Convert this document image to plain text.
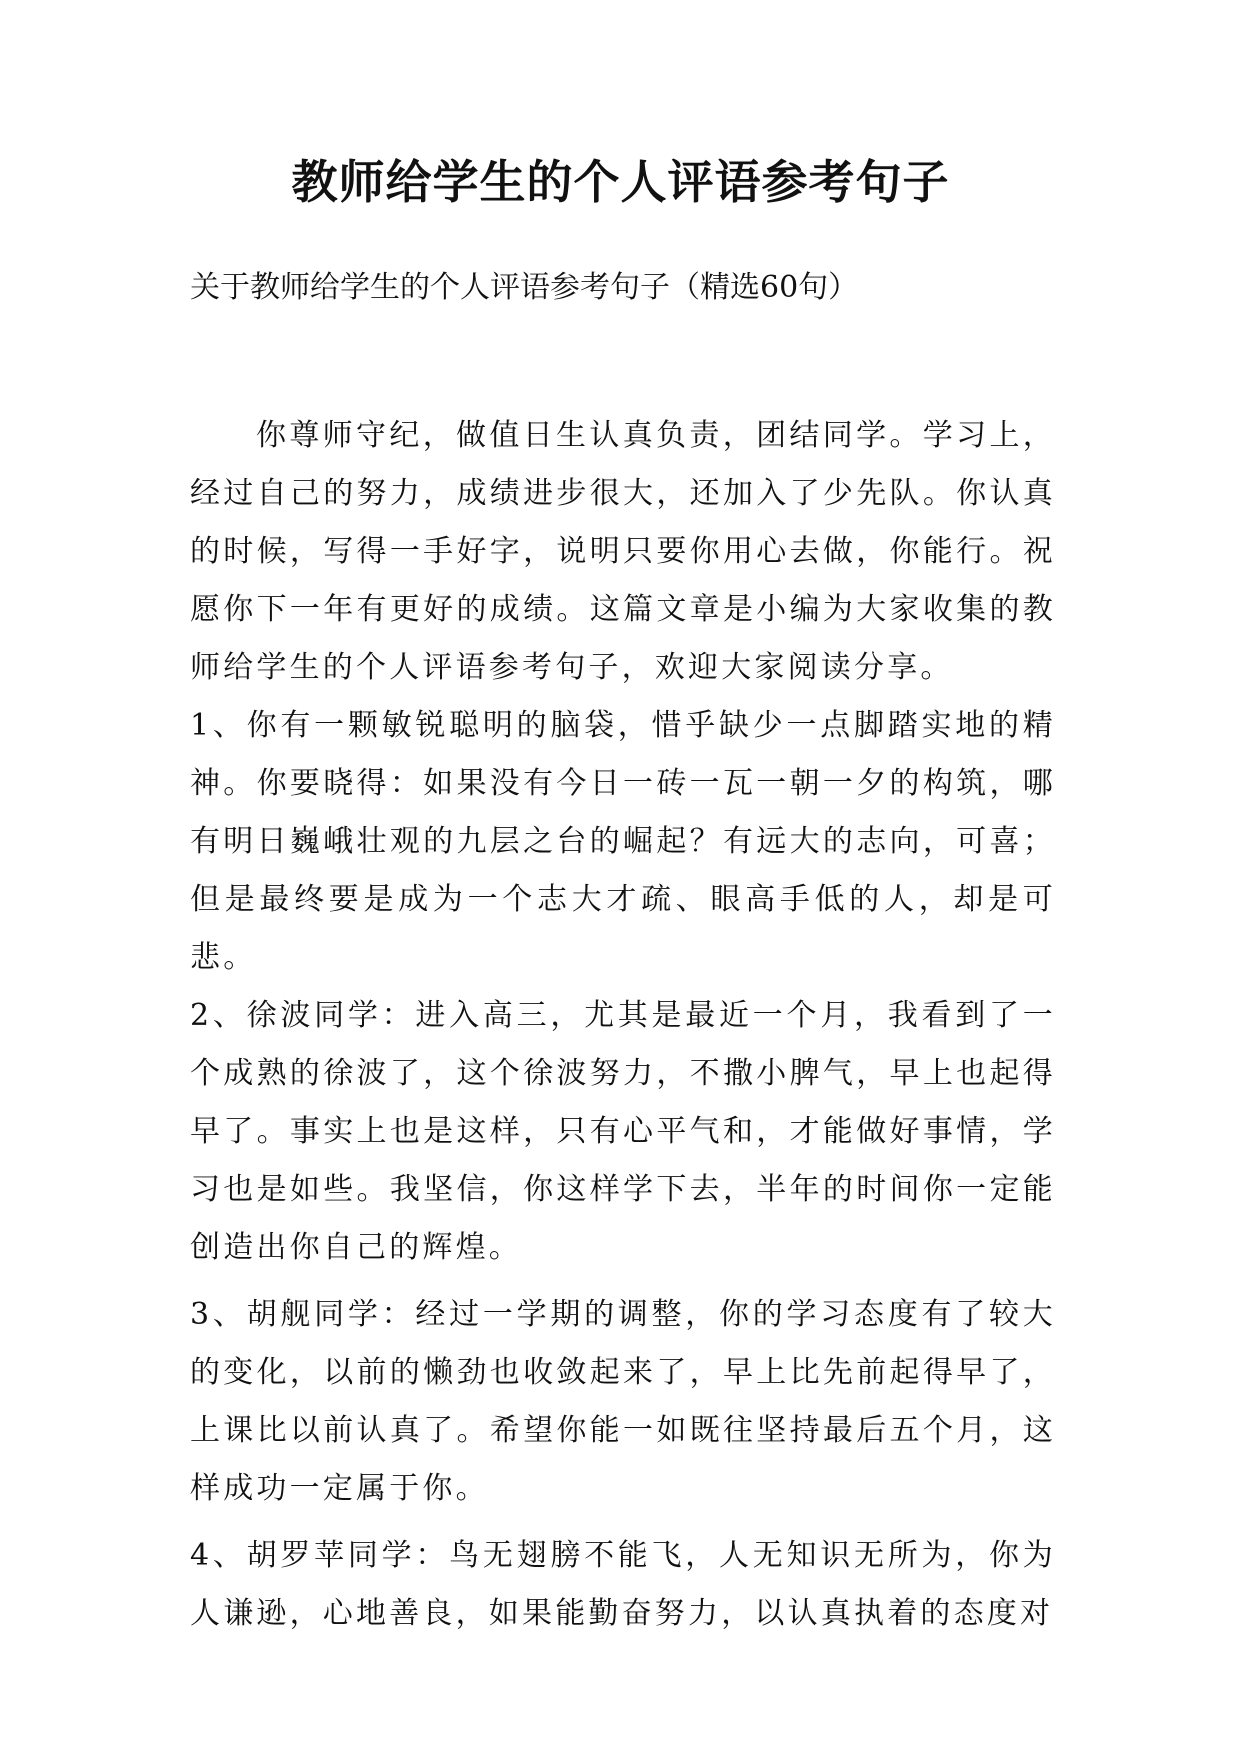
教师给学生的个人评语参考句子

关于教师给学生的个人评语参考句子（精选60句）

你尊师守纪，做值日生认真负责，团结同学。学习上，经过自己的努力，成绩进步很大，还加入了少先队。你认真的时候，写得一手好字，说明只要你用心去做，你能行。祝愿你下一年有更好的成绩。这篇文章是小编为大家收集的教师给学生的个人评语参考句子，欢迎大家阅读分享。

1、你有一颗敏锐聪明的脑袋，惜乎缺少一点脚踏实地的精神。你要晓得：如果没有今日一砖一瓦一朝一夕的构筑，哪有明日巍峨壮观的九层之台的崛起？有远大的志向，可喜；但是最终要是成为一个志大才疏、眼高手低的人，却是可悲。

2、徐波同学：进入高三，尤其是最近一个月，我看到了一个成熟的徐波了，这个徐波努力，不撒小脾气，早上也起得早了。事实上也是这样，只有心平气和，才能做好事情，学习也是如些。我坚信，你这样学下去，半年的时间你一定能创造出你自己的辉煌。

3、胡舰同学：经过一学期的调整，你的学习态度有了较大的变化，以前的懒劲也收敛起来了，早上比先前起得早了，上课比以前认真了。希望你能一如既往坚持最后五个月，这样成功一定属于你。

4、胡罗苹同学：鸟无翅膀不能飞，人无知识无所为，你为人谦逊，心地善良，如果能勤奋努力，以认真执着的态度对
